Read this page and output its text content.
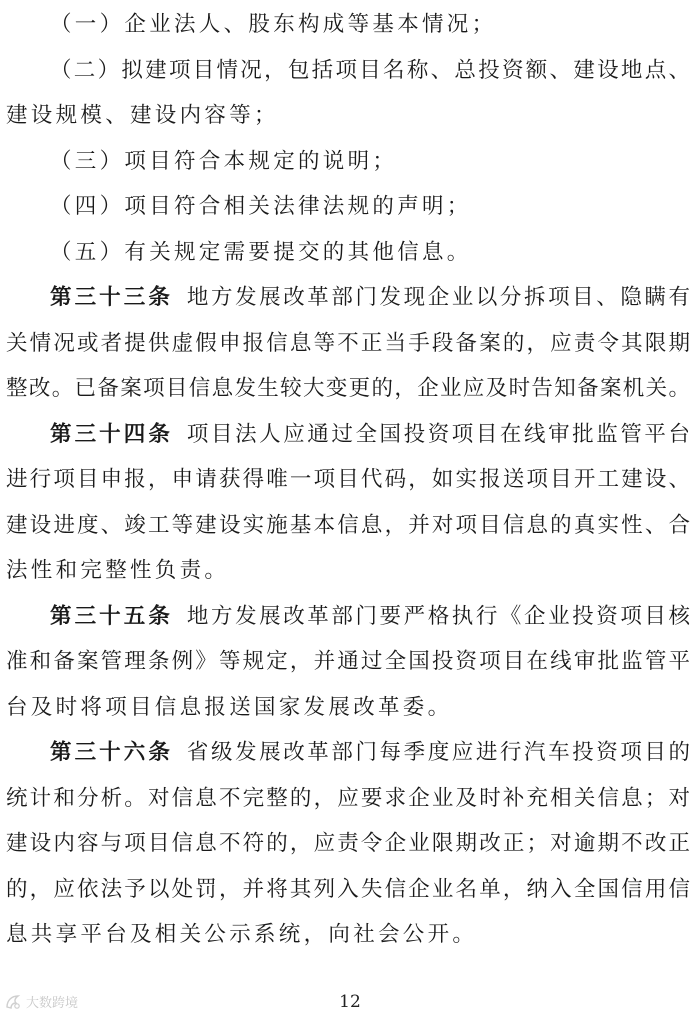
（一）企业法人、股东构成等基本情况；
（二）拟建项目情况，包括项目名称、总投资额、建设地点、
建设规模、建设内容等；
（三）项目符合本规定的说明；
（四）项目符合相关法律法规的声明；
（五）有关规定需要提交的其他信息。
第三十三条 地方发展改革部门发现企业以分拆项目、隐瞒有
关情况或者提供虚假申报信息等不正当手段备案的，应责令其限期
整改。已备案项目信息发生较大变更的，企业应及时告知备案机关。
第三十四条 项目法人应通过全国投资项目在线审批监管平台
进行项目申报，申请获得唯一项目代码，如实报送项目开工建设、
建设进度、竣工等建设实施基本信息，并对项目信息的真实性、合
法性和完整性负责。
第三十五条 地方发展改革部门要严格执行《企业投资项目核
准和备案管理条例》等规定，并通过全国投资项目在线审批监管平
台及时将项目信息报送国家发展改革委。
第三十六条 省级发展改革部门每季度应进行汽车投资项目的
统计和分析。对信息不完整的，应要求企业及时补充相关信息；对
建设内容与项目信息不符的，应责令企业限期改正；对逾期不改正
的，应依法予以处罚，并将其列入失信企业名单，纳入全国信用信
息共享平台及相关公示系统，向社会公开。
12
大数跨境
